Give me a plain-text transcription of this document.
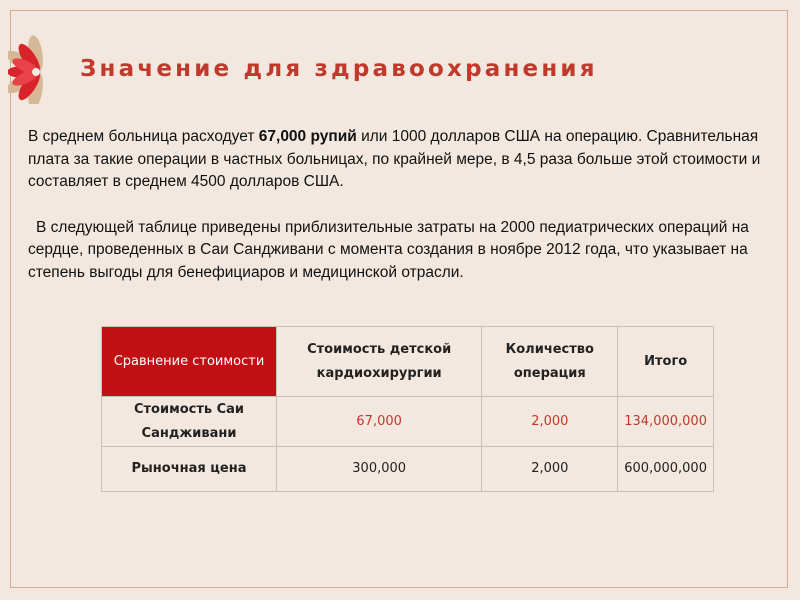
Значение для здравоохранения

В среднем больница расходует 67,000 рупий или 1000 долларов США на операцию. Сравнительная плата за такие операции в частных больницах, по крайней мере, в 4,5 раза больше этой стоимости и составляет в среднем 4500 долларов США.

В следующей таблице приведены приблизительные затраты на 2000 педиатрических операций на сердце, проведенных в Саи Сандживани с момента создания в ноябре 2012 года, что указывает на степень выгоды для бенефициаров и медицинской отрасли.

Сравнение стоимости	Стоимость детской кардиохирургии	Количество операция	Итого
Стоимость Саи Сандживани	67,000	2,000	134,000,000
Рыночная цена	300,000	2,000	600,000,000
